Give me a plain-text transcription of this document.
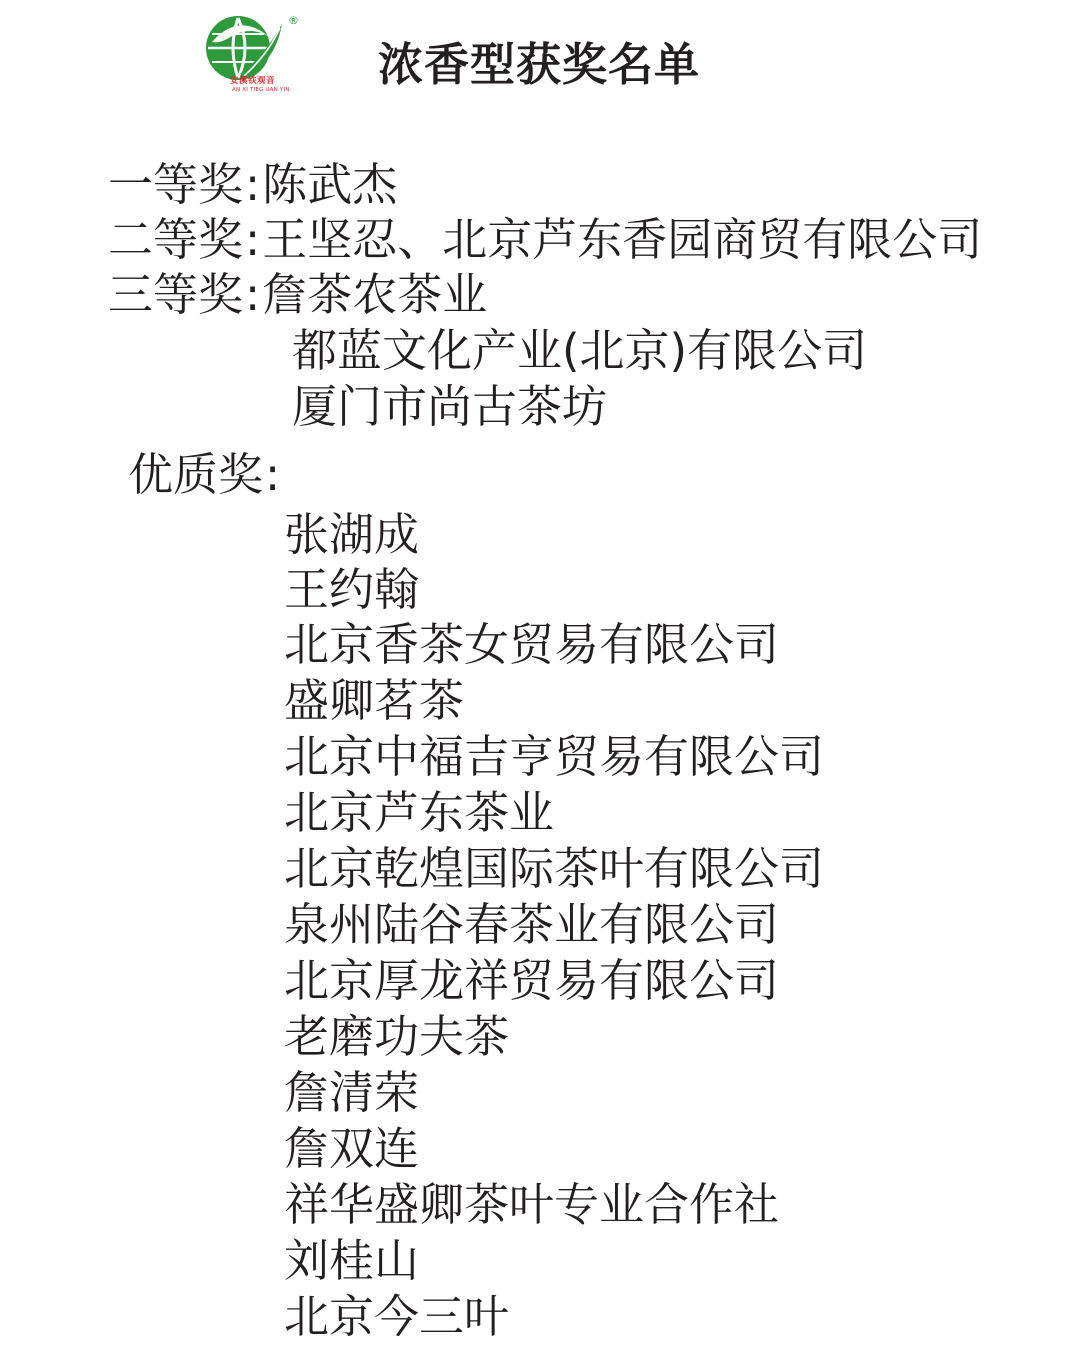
®
安溪铁观音
AN XI TIEG UAN YIN	浓香型获奖名单
一等奖:陈武杰
二等奖:王坚忍、北京芦东香园商贸有限公司
三等奖:詹茶农茶业
都蓝文化产业(北京)有限公司
厦门市尚古茶坊
优质奖:
张湖成
王约翰
北京香茶女贸易有限公司
盛卿茗茶
北京中福吉亨贸易有限公司
北京芦东茶业
北京乾煌国际茶叶有限公司
泉州陆谷春茶业有限公司
北京厚龙祥贸易有限公司
老磨功夫茶
詹清荣
詹双连
祥华盛卿茶叶专业合作社
刘桂山
北京今三叶
